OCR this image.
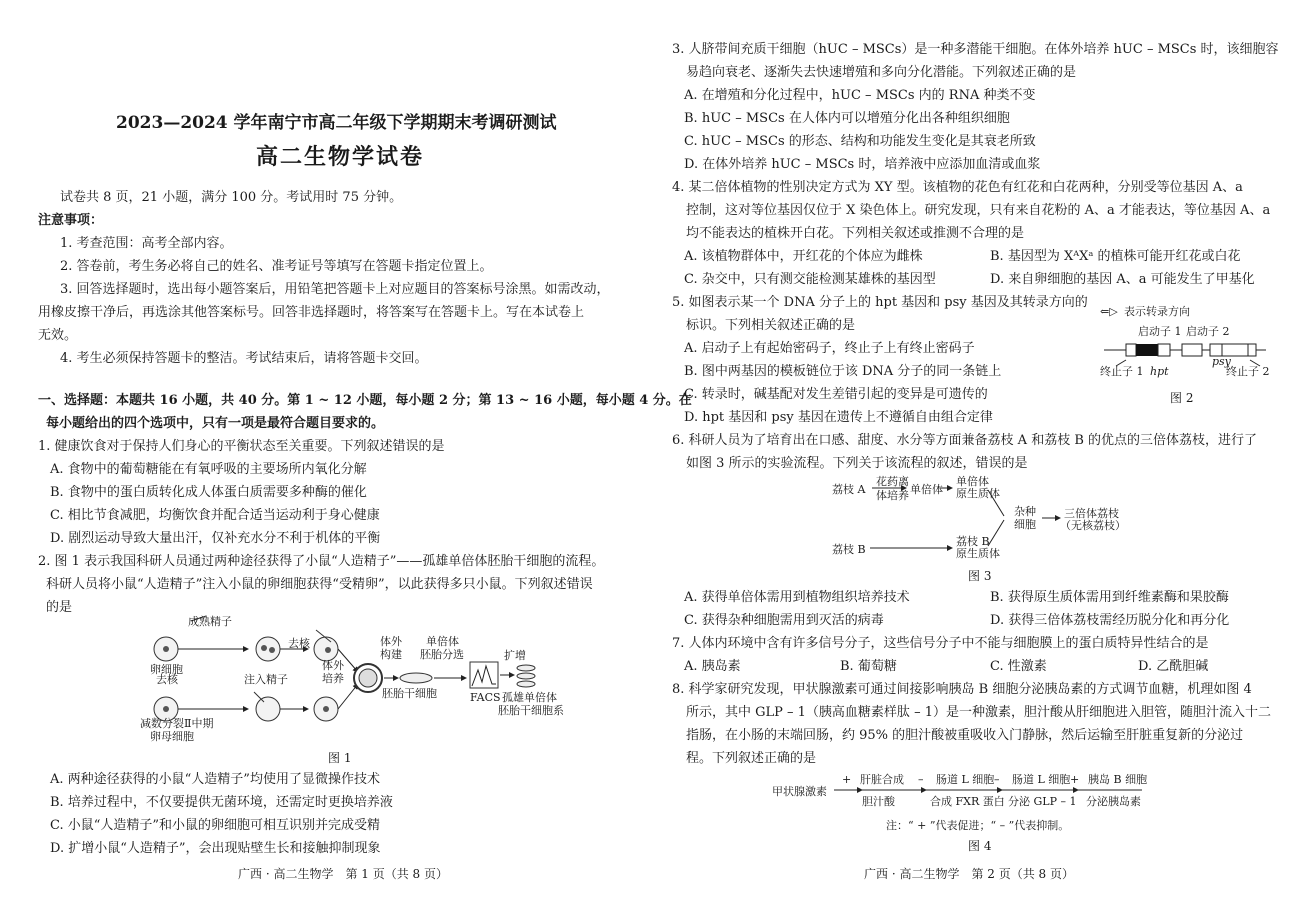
2023—2024 学年南宁市高二年级下学期期末考调研测试
高二生物学试卷
试卷共 8 页，21 小题，满分 100 分。考试用时 75 分钟。
注意事项：
1. 考查范围：高考全部内容。
2. 答卷前，考生务必将自己的姓名、准考证号等填写在答题卡指定位置上。
3. 回答选择题时，选出每小题答案后，用铅笔把答题卡上对应题目的答案标号涂黑。如需改动，
用橡皮擦干净后，再选涂其他答案标号。回答非选择题时，将答案写在答题卡上。写在本试卷上
无效。
4. 考生必须保持答题卡的整洁。考试结束后，请将答题卡交回。
一、选择题：本题共 16 小题，共 40 分。第 1 ~ 12 小题，每小题 2 分；第 13 ~ 16 小题，每小题 4 分。在
每小题给出的四个选项中，只有一项是最符合题目要求的。
1. 健康饮食对于保持人们身心的平衡状态至关重要。下列叙述错误的是
A. 食物中的葡萄糖能在有氧呼吸的主要场所内氧化分解
B. 食物中的蛋白质转化成人体蛋白质需要多种酶的催化
C. 相比节食减肥，均衡饮食并配合适当运动利于身心健康
D. 剧烈运动导致大量出汗，仅补充水分不利于机体的平衡
2. 图 1 表示我国科研人员通过两种途径获得了小鼠“人造精子”——孤雄单倍体胚胎干细胞的流程。
科研人员将小鼠“人造精子”注入小鼠的卵细胞获得“受精卵”，以此获得多只小鼠。下列叙述错误
的是
成熟精子
卵细胞
去核
去核	注入精子
减数分裂Ⅱ中期
卵母细胞
体外
培养
体外
构建
单倍体
胚胎分选
胚胎干细胞	FACS
扩增
孤雄单倍体
胚胎干细胞系
图 1
A. 两种途径获得的小鼠“人造精子”均使用了显微操作技术
B. 培养过程中，不仅要提供无菌环境，还需定时更换培养液
C. 小鼠“人造精子”和小鼠的卵细胞可相互识别并完成受精
D. 扩增小鼠“人造精子”，会出现贴壁生长和接触抑制现象
广西 · 高二生物学　第 1 页（共 8 页）
3. 人脐带间充质干细胞（hUC – MSCs）是一种多潜能干细胞。在体外培养 hUC – MSCs 时，该细胞容
易趋向衰老、逐渐失去快速增殖和多向分化潜能。下列叙述正确的是
A. 在增殖和分化过程中，hUC – MSCs 内的 RNA 种类不变
B. hUC – MSCs 在人体内可以增殖分化出各种组织细胞
C. hUC – MSCs 的形态、结构和功能发生变化是其衰老所致
D. 在体外培养 hUC – MSCs 时，培养液中应添加血清或血浆
4. 某二倍体植物的性别决定方式为 XY 型。该植物的花色有红花和白花两种，分别受等位基因 A、a
控制，这对等位基因仅位于 X 染色体上。研究发现，只有来自花粉的 A、a 才能表达，等位基因 A、a
均不能表达的植株开白花。下列相关叙述或推测不合理的是
A. 该植物群体中，开红花的个体应为雌株	B. 基因型为 XᴬXᵃ 的植株可能开红花或白花
C. 杂交中，只有测交能检测某雄株的基因型	D. 来自卵细胞的基因 A、a 可能发生了甲基化
5. 如图表示某一个 DNA 分子上的 hpt 基因和 psy 基因及其转录方向的
标识。下列相关叙述正确的是
A. 启动子上有起始密码子，终止子上有终止密码子
B. 图中两基因的模板链位于该 DNA 分子的同一条链上
C. 转录时，碱基配对发生差错引起的变异是可遗传的
D. hpt 基因和 psy 基因在遗传上不遵循自由组合定律
⇐▷ 表示转录方向
启动子 1 启动子 2
终止子 1 hpt
psy
终止子 2
图 2
6. 科研人员为了培育出在口感、甜度、水分等方面兼备荔枝 A 和荔枝 B 的优点的三倍体荔枝，进行了
如图 3 所示的实验流程。下列关于该流程的叙述，错误的是
荔枝 A
花药离
体培养 单倍体
单倍体
原生质体
荔枝 B
荔枝 B
原生质体
杂种
细胞
三倍体荔枝
（无核荔枝）
图 3
A. 获得单倍体需用到植物组织培养技术	B. 获得原生质体需用到纤维素酶和果胶酶
C. 获得杂种细胞需用到灭活的病毒	D. 获得三倍体荔枝需经历脱分化和再分化
7. 人体内环境中含有许多信号分子，这些信号分子中不能与细胞膜上的蛋白质特异性结合的是
A. 胰岛素	B. 葡萄糖	C. 性激素	D. 乙酰胆碱
8. 科学家研究发现，甲状腺激素可通过间接影响胰岛 B 细胞分泌胰岛素的方式调节血糖，机理如图 4
所示，其中 GLP – 1（胰高血糖素样肽 – 1）是一种激素，胆汁酸从肝细胞进入胆管，随胆汁流入十二
指肠，在小肠的末端回肠，约 95% 的胆汁酸被重吸收入门静脉，然后运输至肝脏重复新的分泌过
程。下列叙述正确的是
甲状腺激素
+ 肝脏合成
胆汁酸
– 肠道 L 细胞
合成 FXR 蛋白
– 肠道 L 细胞
分泌 GLP – 1
+ 胰岛 B 细胞
分泌胰岛素
注：“ + ”代表促进；“ – ”代表抑制。
图 4
广西 · 高二生物学　第 2 页（共 8 页）
